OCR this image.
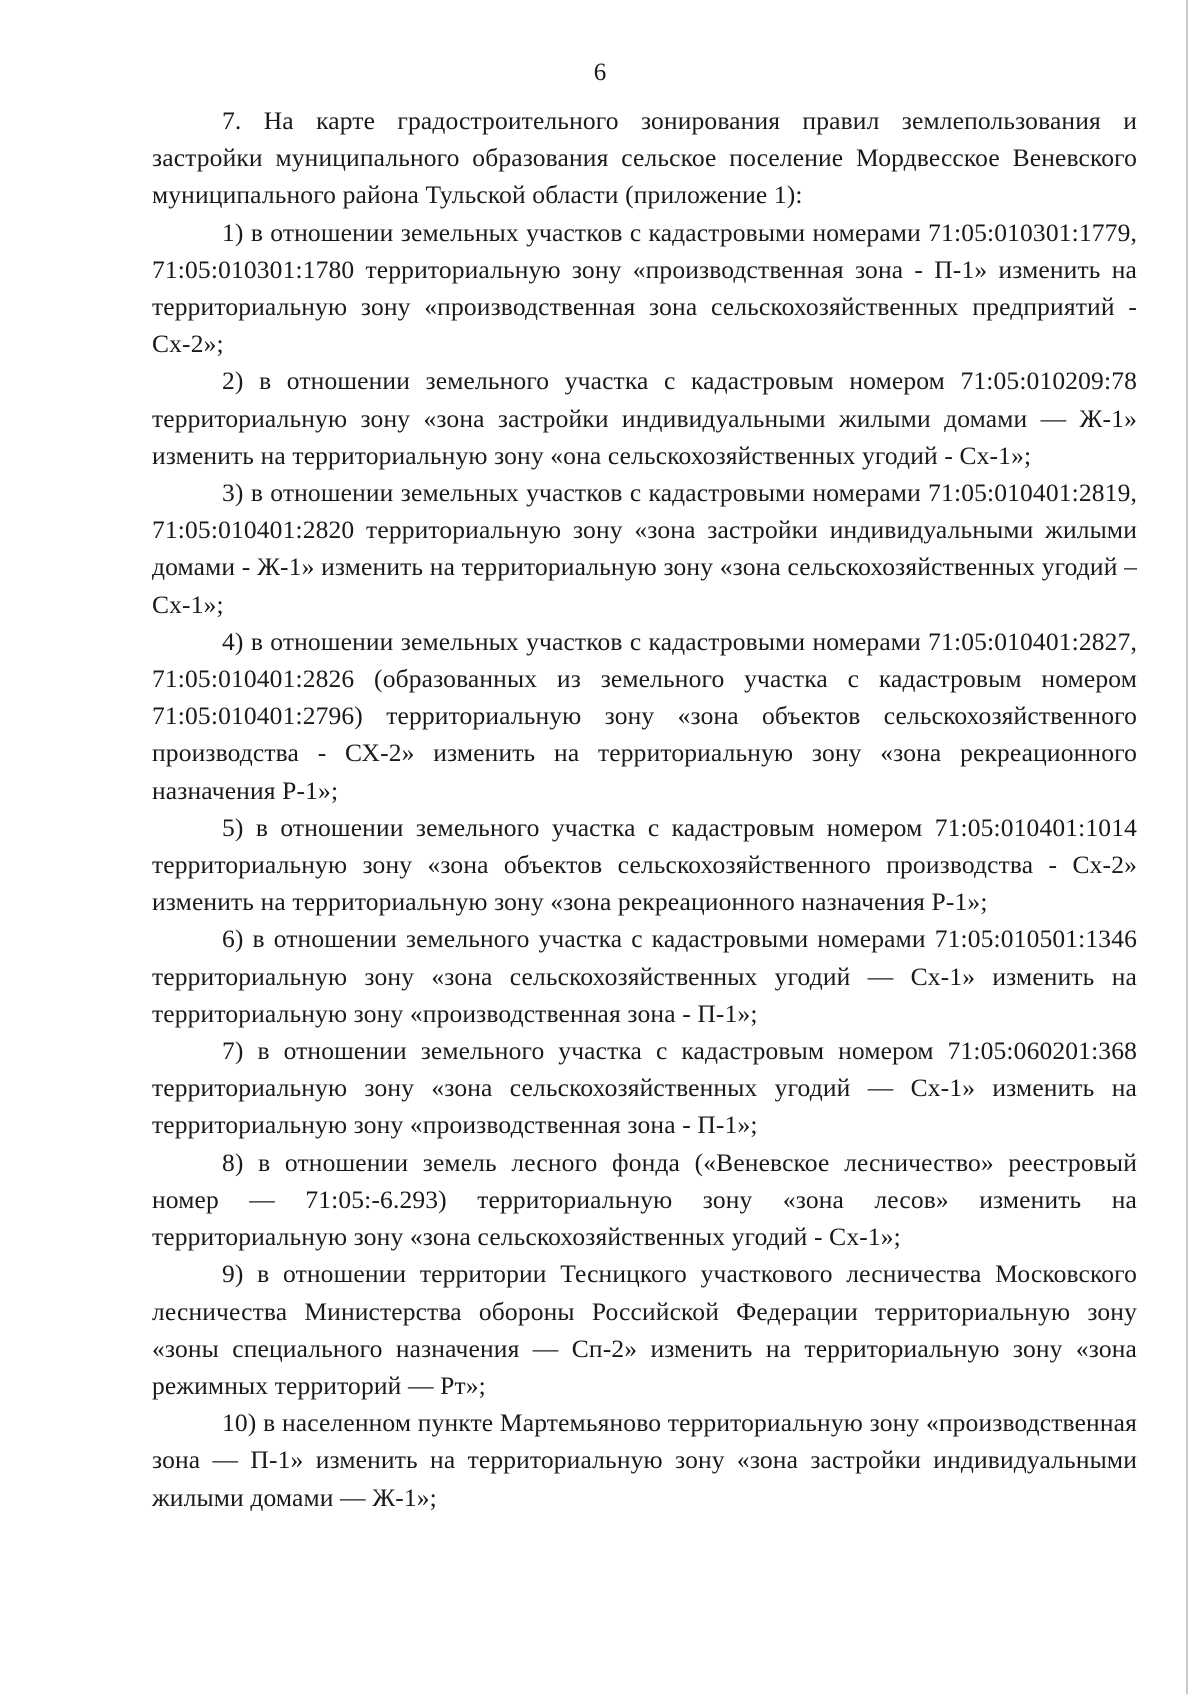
6

7. На карте градостроительного зонирования правил землепользования и застройки муниципального образования сельское поселение Мордвесское Веневского муниципального района Тульской области (приложение 1):

1) в отношении земельных участков с кадастровыми номерами 71:05:010301:1779, 71:05:010301:1780 территориальную зону «производственная зона - П-1» изменить на территориальную зону «производственная зона сельскохозяйственных предприятий - Сх-2»;

2) в отношении земельного участка с кадастровым номером 71:05:010209:78 территориальную зону «зона застройки индивидуальными жилыми домами — Ж-1» изменить на территориальную зону «она сельскохозяйственных угодий - Сх-1»;

3) в отношении земельных участков с кадастровыми номерами 71:05:010401:2819, 71:05:010401:2820 территориальную зону «зона застройки индивидуальными жилыми домами - Ж-1» изменить на территориальную зону «зона сельскохозяйственных угодий – Сх-1»;

4) в отношении земельных участков с кадастровыми номерами 71:05:010401:2827, 71:05:010401:2826 (образованных из земельного участка с кадастровым номером 71:05:010401:2796) территориальную зону «зона объектов сельскохозяйственного производства - СХ-2» изменить на территориальную зону «зона рекреационного назначения Р-1»;

5) в отношении земельного участка с кадастровым номером 71:05:010401:1014 территориальную зону «зона объектов сельскохозяйственного производства - Сх-2» изменить на территориальную зону «зона рекреационного назначения Р-1»;

6) в отношении земельного участка с кадастровыми номерами 71:05:010501:1346 территориальную зону «зона сельскохозяйственных угодий — Сх-1» изменить на территориальную зону «производственная зона - П-1»;

7) в отношении земельного участка с кадастровым номером 71:05:060201:368 территориальную зону «зона сельскохозяйственных угодий — Сх-1» изменить на территориальную зону «производственная зона - П-1»;

8) в отношении земель лесного фонда («Веневское лесничество» реестровый номер — 71:05:-6.293) территориальную зону «зона лесов» изменить на территориальную зону «зона сельскохозяйственных угодий - Сх-1»;

9) в отношении территории Тесницкого участкового лесничества Московского лесничества Министерства обороны Российской Федерации территориальную зону «зоны специального назначения — Сп-2» изменить на территориальную зону «зона режимных территорий — Рт»;

10) в населенном пункте Мартемьяново территориальную зону «производственная зона — П-1» изменить на территориальную зону «зона застройки индивидуальными жилыми домами — Ж-1»;
